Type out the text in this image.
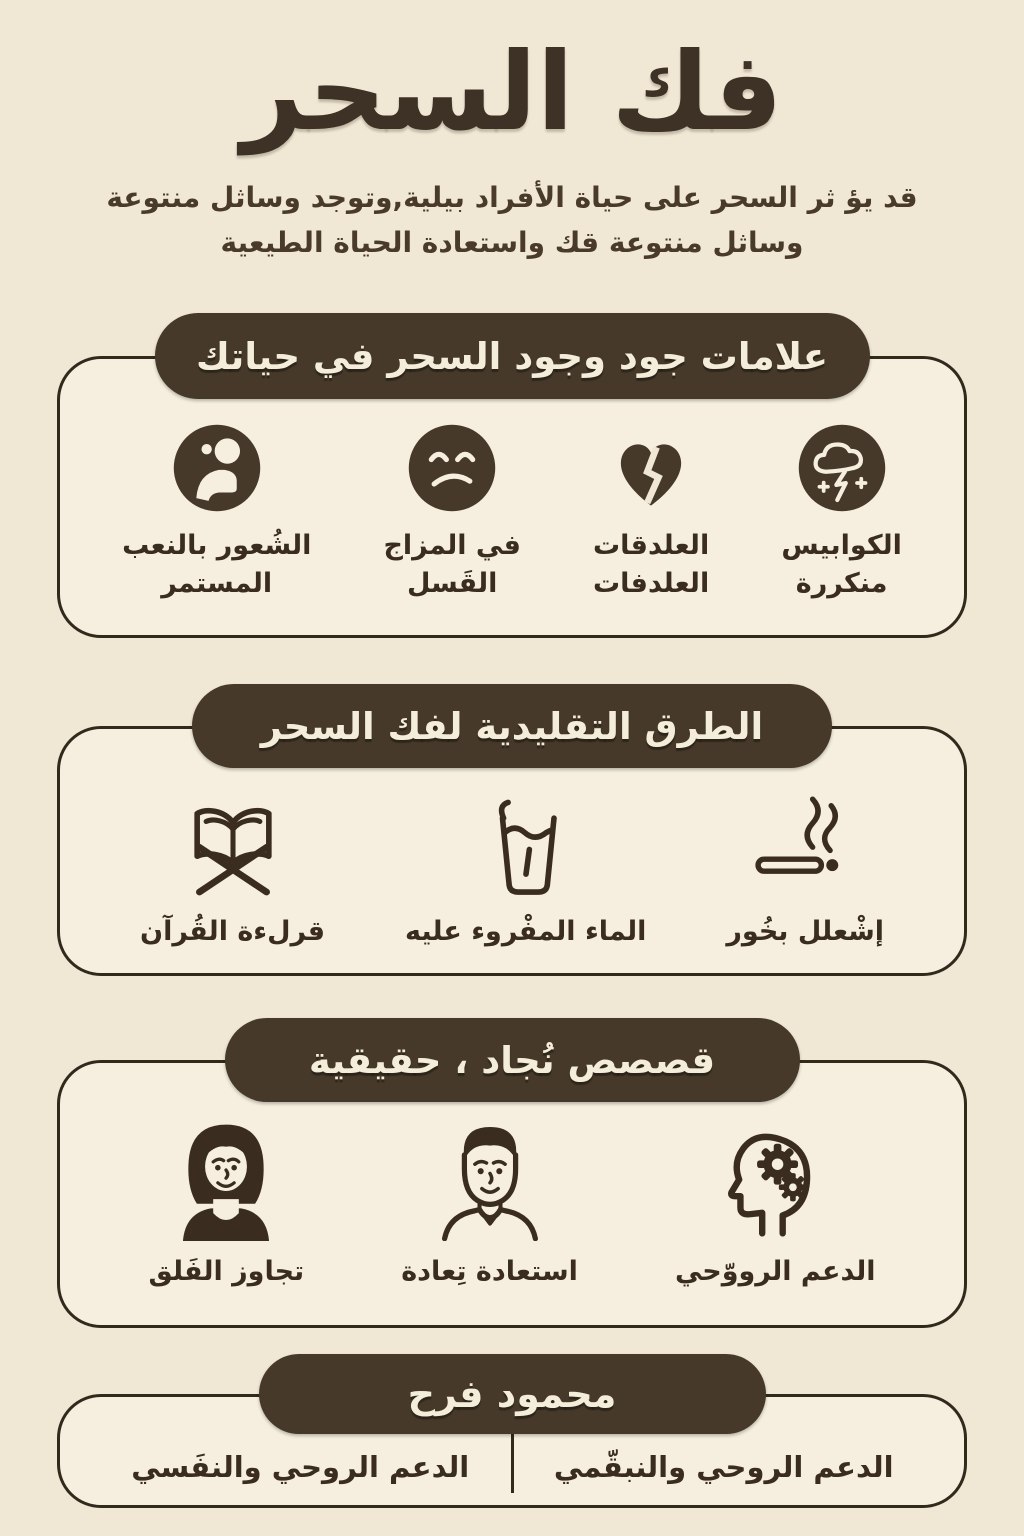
فك السحر
قد يؤ ثر السحر على حياة الأفراد بيلية,وتوجد وساثل منتوعة
وساثل منتوعة قك واستعادة الحياة الطيعية
علامات جود وجود السحر في حياتك
الكوابيس
منكررة
العلدقات
العلدفات
في المزاج
القَسل
الشُعور بالنعب
المستمر
الطرق التقليدية لفك السحر
إشْعلل بخُور
الماء المفْروء عليه
قرلءة القُرآن
قصصص نُجاد ، حقيقية
الدعم الرووّحي
استعادة تِعادة
تجاوز الفَلق
محمود فرح
الدعم الروحي والنبقّمي
الدعم الروحي والنفَسي
